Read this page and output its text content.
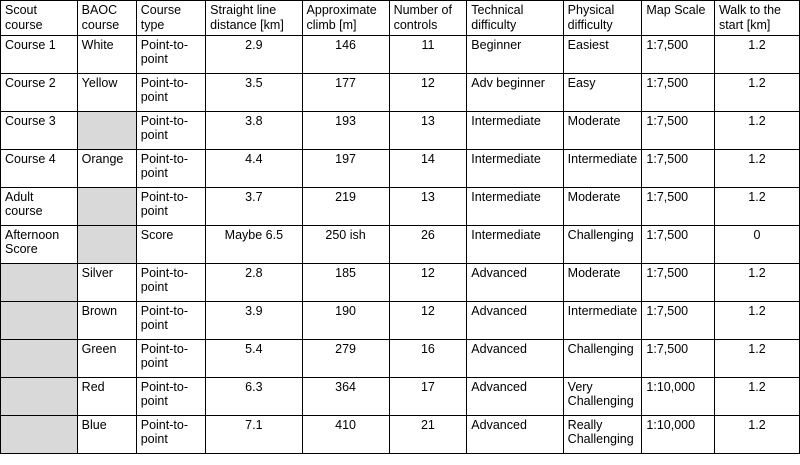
Scout course	BAOC course	Course type	Straight line distance [km]	Approximate climb [m]	Number of controls	Technical difficulty	Physical difficulty	Map Scale	Walk to the start [km]
Course 1	White	Point-to-point	2.9	146	11	Beginner	Easiest	1:7,500	1.2
Course 2	Yellow	Point-to-point	3.5	177	12	Adv beginner	Easy	1:7,500	1.2
Course 3		Point-to-point	3.8	193	13	Intermediate	Moderate	1:7,500	1.2
Course 4	Orange	Point-to-point	4.4	197	14	Intermediate	Intermediate	1:7,500	1.2
Adult course		Point-to-point	3.7	219	13	Intermediate	Moderate	1:7,500	1.2
Afternoon Score		Score	Maybe 6.5	250 ish	26	Intermediate	Challenging	1:7,500	0
	Silver	Point-to-point	2.8	185	12	Advanced	Moderate	1:7,500	1.2
	Brown	Point-to-point	3.9	190	12	Advanced	Intermediate	1:7,500	1.2
	Green	Point-to-point	5.4	279	16	Advanced	Challenging	1:7,500	1.2
	Red	Point-to-point	6.3	364	17	Advanced	Very Challenging	1:10,000	1.2
	Blue	Point-to-point	7.1	410	21	Advanced	Really Challenging	1:10,000	1.2
